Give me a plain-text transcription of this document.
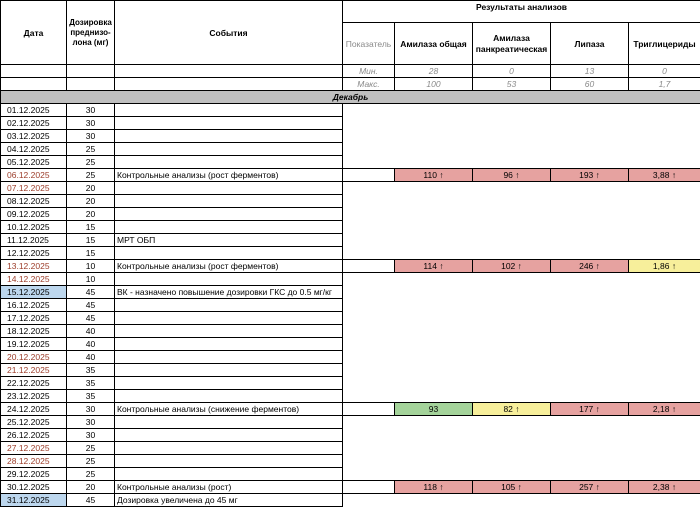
Дата	Дозировка преднизо-лона (мг)	События	Результаты анализов				
			Показатель	Амилаза общая	Амилаза панкреатическая	Липаза	Триглицериды
			Мин.	28	0	13	0
			Макс.	100	53	60	1,7
Декабрь							
01.12.2025	30						
02.12.2025	30						
03.12.2025	30						
04.12.2025	25						
05.12.2025	25						
06.12.2025	25	Контрольные анализы (рост ферментов)		110 ↑	96 ↑	193 ↑	3,88 ↑
07.12.2025	20						
08.12.2025	20						
09.12.2025	20						
10.12.2025	15						
11.12.2025	15	МРТ ОБП					
12.12.2025	15						
13.12.2025	10	Контрольные анализы (рост ферментов)		114 ↑	102 ↑	246 ↑	1,86 ↑
14.12.2025	10						
15.12.2025	45	ВК - назначено повышение дозировки ГКС до 0.5 мг/кг					
16.12.2025	45						
17.12.2025	45						
18.12.2025	40						
19.12.2025	40						
20.12.2025	40						
21.12.2025	35						
22.12.2025	35						
23.12.2025	35						
24.12.2025	30	Контрольные анализы (снижение ферментов)		93	82 ↑	177 ↑	2,18 ↑
25.12.2025	30						
26.12.2025	30						
27.12.2025	25						
28.12.2025	25						
29.12.2025	25						
30.12.2025	20	Контрольные анализы (рост)		118 ↑	105 ↑	257 ↑	2,38 ↑
31.12.2025	45	Дозировка увеличена до 45 мг					
